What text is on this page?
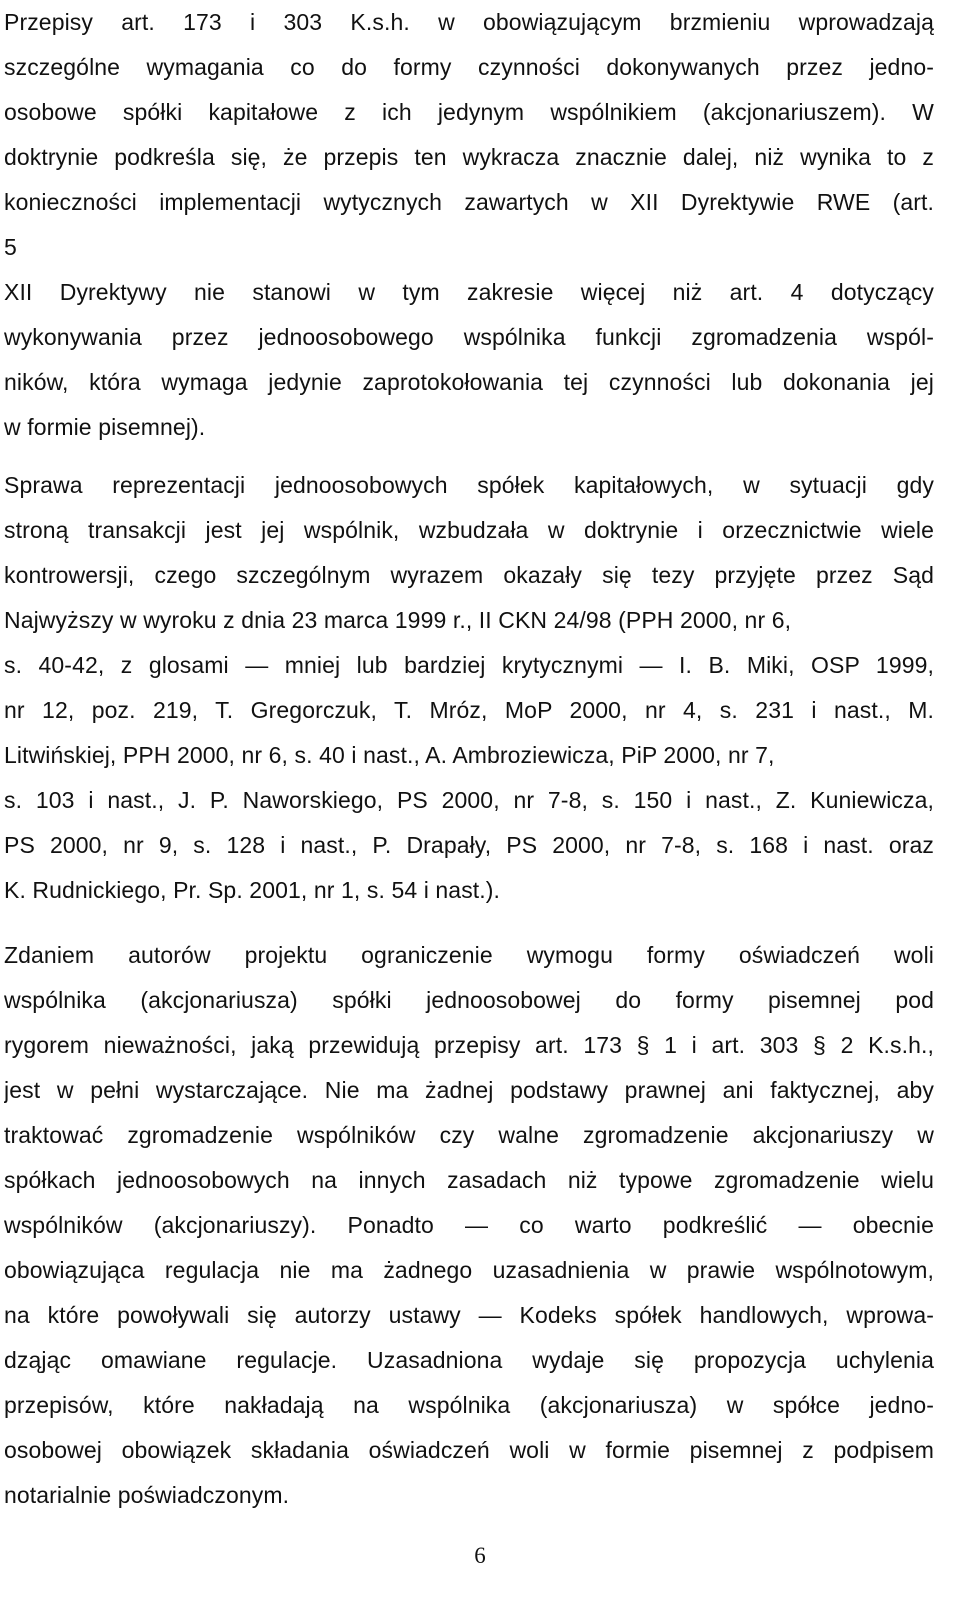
Przepisy art. 173 i 303 K.s.h. w obowiązującym brzmieniu wprowadzają
szczególne wymagania co do formy czynności dokonywanych przez jedno-
osobowe spółki kapitałowe z ich jedynym wspólnikiem (akcjonariuszem). W
doktrynie podkreśla się, że przepis ten wykracza znacznie dalej, niż wynika to z
konieczności implementacji wytycznych zawartych w XII Dyrektywie RWE (art.
5
XII Dyrektywy nie stanowi w tym zakresie więcej niż art. 4 dotyczący
wykonywania przez jednoosobowego wspólnika funkcji zgromadzenia wspól-
ników, która wymaga jedynie zaprotokołowania tej czynności lub dokonania jej
w formie pisemnej).
Sprawa reprezentacji jednoosobowych spółek kapitałowych, w sytuacji gdy
stroną transakcji jest jej wspólnik, wzbudzała w doktrynie i orzecznictwie wiele
kontrowersji, czego szczególnym wyrazem okazały się tezy przyjęte przez Sąd
Najwyższy w wyroku z dnia 23 marca 1999 r., II CKN 24/98 (PPH 2000, nr 6,
s. 40-42, z glosami — mniej lub bardziej krytycznymi — I. B. Miki, OSP 1999,
nr 12, poz. 219, T. Gregorczuk, T. Mróz, MoP 2000, nr 4, s. 231 i nast., M.
Litwińskiej, PPH 2000, nr 6, s. 40 i nast., A. Ambroziewicza, PiP 2000, nr 7,
s. 103 i nast., J. P. Naworskiego, PS 2000, nr 7-8, s. 150 i nast., Z. Kuniewicza,
PS 2000, nr 9, s. 128 i nast., P. Drapały, PS 2000, nr 7-8, s. 168 i nast. oraz
K. Rudnickiego, Pr. Sp. 2001, nr 1, s. 54 i nast.).
Zdaniem autorów projektu ograniczenie wymogu formy oświadczeń woli
wspólnika (akcjonariusza) spółki jednoosobowej do formy pisemnej pod
rygorem nieważności, jaką przewidują przepisy art. 173 § 1 i art. 303 § 2 K.s.h.,
jest w pełni wystarczające. Nie ma żadnej podstawy prawnej ani faktycznej, aby
traktować zgromadzenie wspólników czy walne zgromadzenie akcjonariuszy w
spółkach jednoosobowych na innych zasadach niż typowe zgromadzenie wielu
wspólników (akcjonariuszy). Ponadto — co warto podkreślić — obecnie
obowiązująca regulacja nie ma żadnego uzasadnienia w prawie wspólnotowym,
na które powoływali się autorzy ustawy — Kodeks spółek handlowych, wprowa-
dząjąc omawiane regulacje. Uzasadniona wydaje się propozycja uchylenia
przepisów, które nakładają na wspólnika (akcjonariusza) w spółce jedno-
osobowej obowiązek składania oświadczeń woli w formie pisemnej z podpisem
notarialnie poświadczonym.
6
